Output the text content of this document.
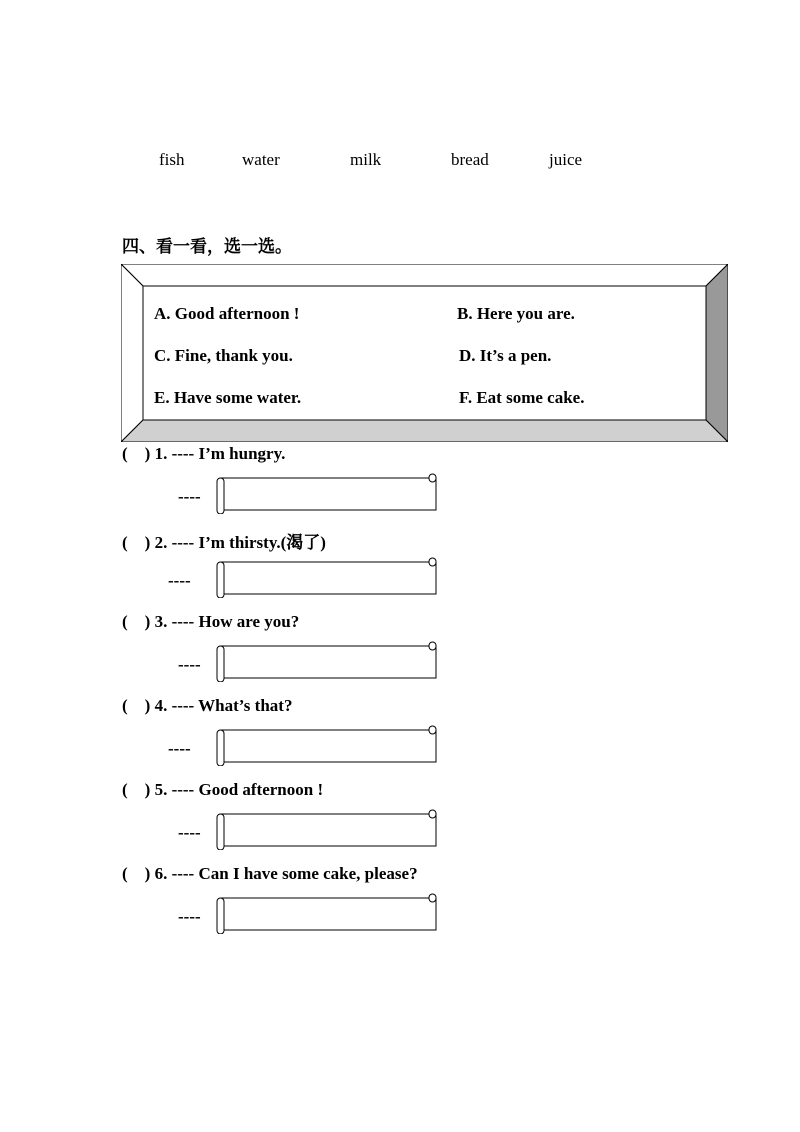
fish	water	milk	bread	juice
四、看一看，选一选。
A. Good afternoon !	B. Here you are.
C. Fine, thank you.	D. It’s a pen.
E. Have some water.	F. Eat some cake.
(    ) 1. ---- I’m hungry.
----
(    ) 2. ---- I’m thirsty.(渴了)
----
(    ) 3. ---- How are you?
----
(    ) 4. ---- What’s that?
----
(    ) 5. ---- Good afternoon !
----
(    ) 6. ---- Can I have some cake, please?
----
